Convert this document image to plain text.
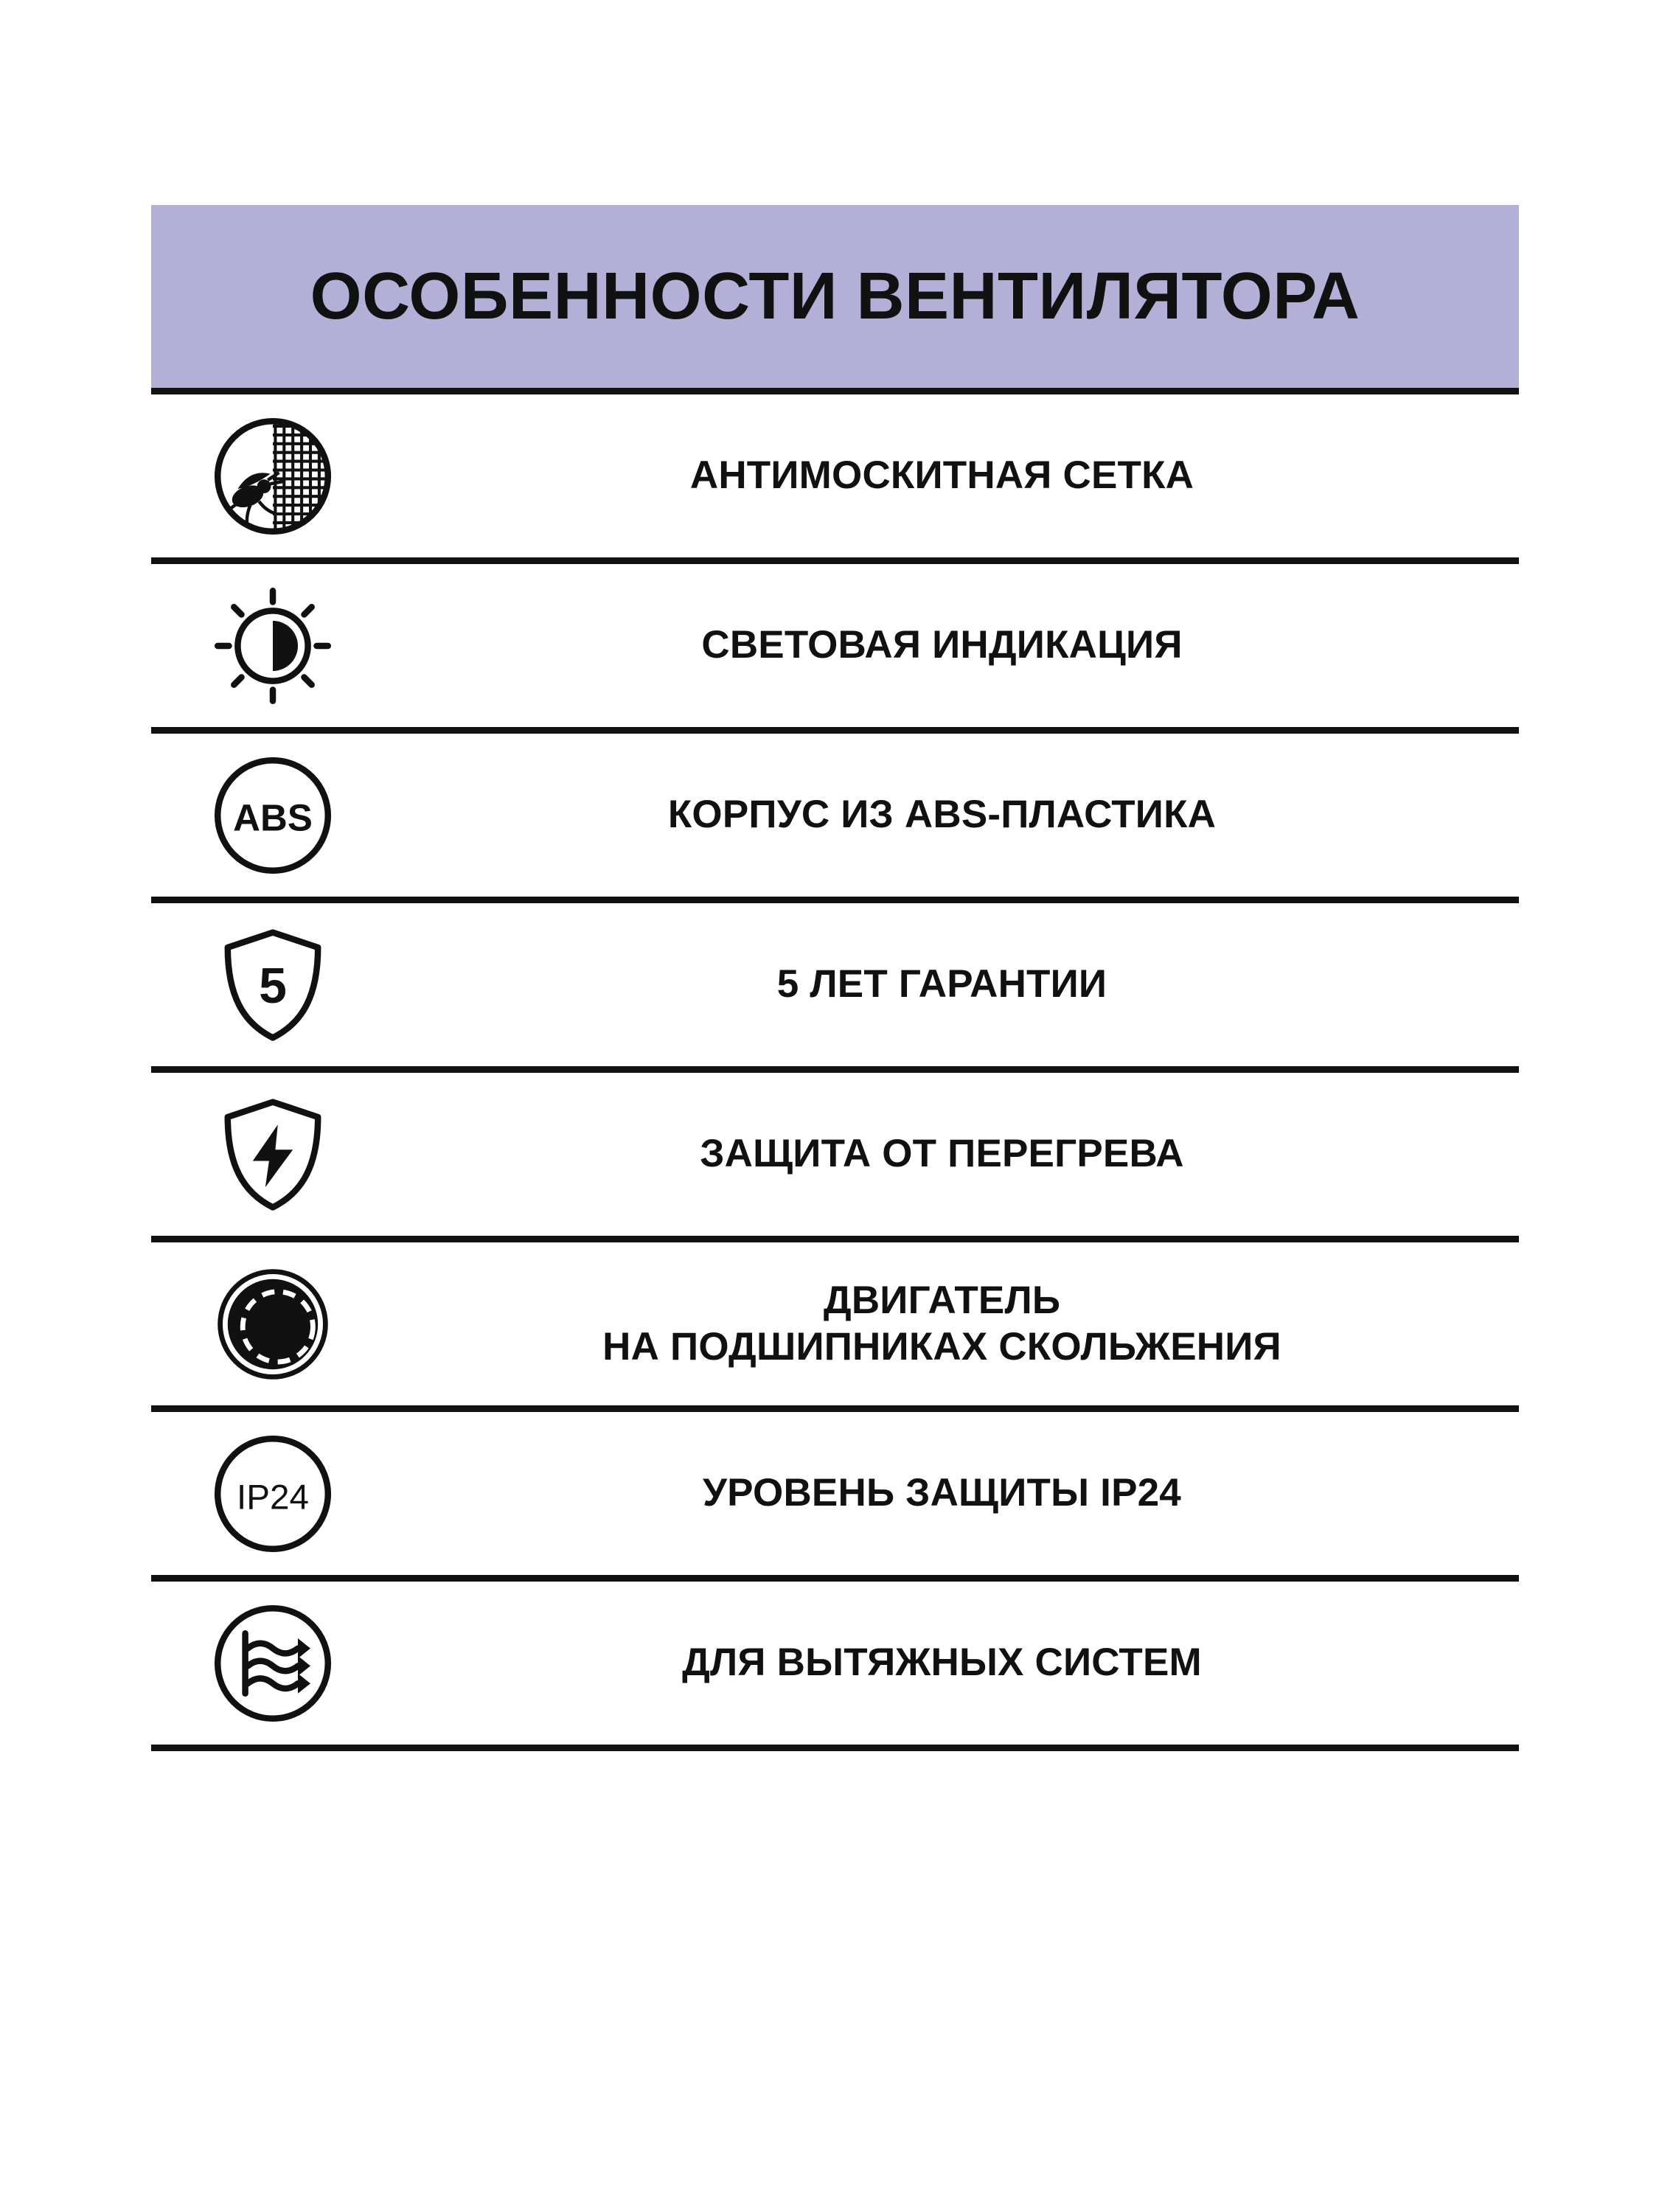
ОСОБЕННОСТИ ВЕНТИЛЯТОРА
АНТИМОСКИТНАЯ СЕТКА
СВЕТОВАЯ ИНДИКАЦИЯ
ABS	КОРПУС ИЗ ABS-ПЛАСТИКА
5	5 ЛЕТ ГАРАНТИИ
ЗАЩИТА ОТ ПЕРЕГРЕВА
ДВИГАТЕЛЬ
НА ПОДШИПНИКАХ СКОЛЬЖЕНИЯ
IP24	УРОВЕНЬ ЗАЩИТЫ IP24
ДЛЯ ВЫТЯЖНЫХ СИСТЕМ
